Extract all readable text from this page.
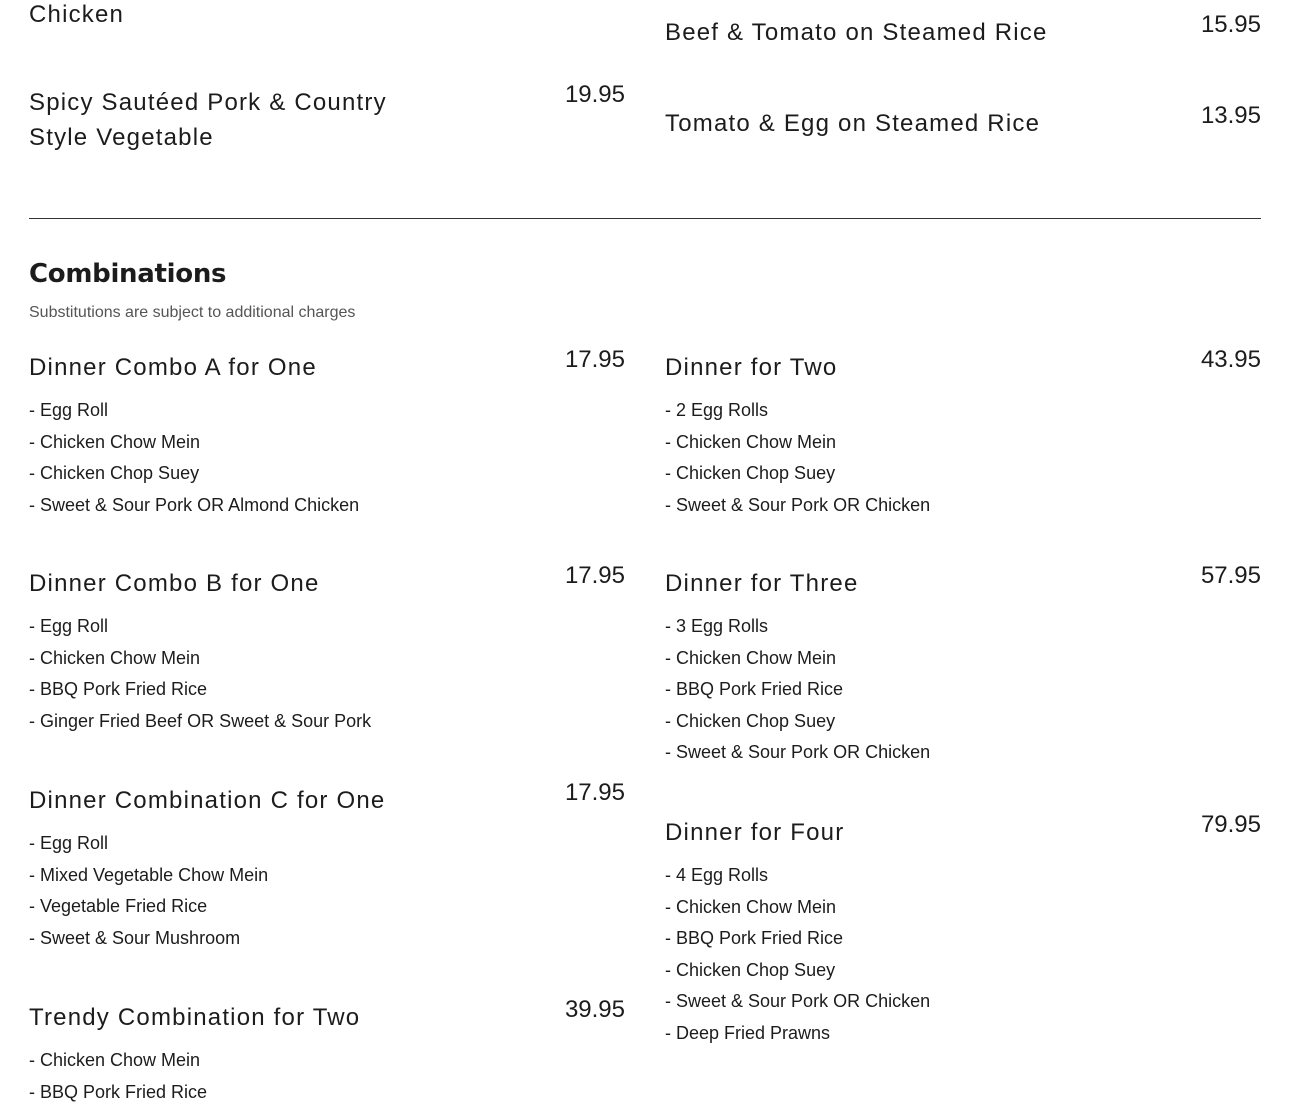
Chicken
Beef & Tomato on Steamed Rice	15.95
Spicy Sautéed Pork & Country Style Vegetable
19.95
Tomato & Egg on Steamed Rice	13.95
Combinations
Substitutions are subject to additional charges
Dinner Combo A for One	17.95
- Egg Roll
- Chicken Chow Mein
- Chicken Chop Suey
- Sweet & Sour Pork OR Almond Chicken
Dinner for Two	43.95
- 2 Egg Rolls
- Chicken Chow Mein
- Chicken Chop Suey
- Sweet & Sour Pork OR Chicken
Dinner Combo B for One	17.95
- Egg Roll
- Chicken Chow Mein
- BBQ Pork Fried Rice
- Ginger Fried Beef OR Sweet & Sour Pork
Dinner for Three	57.95
- 3 Egg Rolls
- Chicken Chow Mein
- BBQ Pork Fried Rice
- Chicken Chop Suey
- Sweet & Sour Pork OR Chicken
Dinner Combination C for One	17.95
- Egg Roll
- Mixed Vegetable Chow Mein
- Vegetable Fried Rice
- Sweet & Sour Mushroom
Dinner for Four	79.95
- 4 Egg Rolls
- Chicken Chow Mein
- BBQ Pork Fried Rice
- Chicken Chop Suey
- Sweet & Sour Pork OR Chicken
- Deep Fried Prawns
Trendy Combination for Two	39.95
- Chicken Chow Mein
- BBQ Pork Fried Rice
